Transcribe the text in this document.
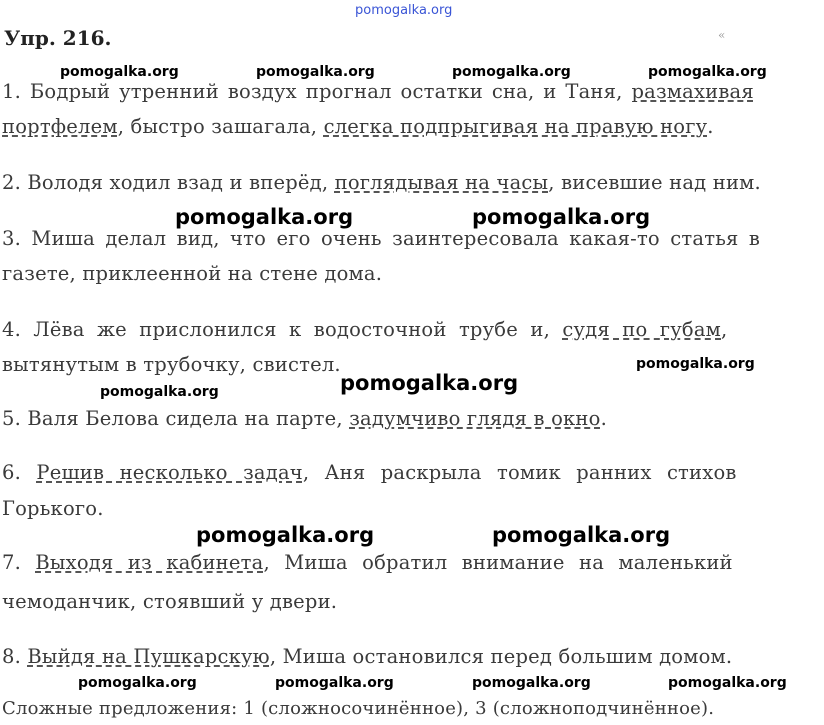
pomogalka.org
Упр. 216.	«
pomogalka.org	pomogalka.org	pomogalka.org	pomogalka.org
1. Бодрый утренний воздух прогнал остатки сна, и Таня, размахивая
портфелем, быстро зашагала, слегка подпрыгивая на правую ногу.
2. Володя ходил взад и вперёд, поглядывая на часы, висевшие над ним.
pomogalka.org	pomogalka.org
3. Миша делал вид, что его очень заинтересовала какая-то статья в
газете, приклеенной на стене дома.
4. Лёва же прислонился к водосточной трубе и, судя по губам,
вытянутым в трубочку, свистел.	pomogalka.org
pomogalka.org
pomogalka.org
5. Валя Белова сидела на парте, задумчиво глядя в окно.
6. Решив несколько задач, Аня раскрыла томик ранних стихов
Горького.
pomogalka.org	pomogalka.org
7. Выходя из кабинета, Миша обратил внимание на маленький
чемоданчик, стоявший у двери.
8. Выйдя на Пушкарскую, Миша остановился перед большим домом.
pomogalka.org	pomogalka.org	pomogalka.org	pomogalka.org
Сложные предложения: 1 (сложносочинённое), 3 (сложноподчинённое).
